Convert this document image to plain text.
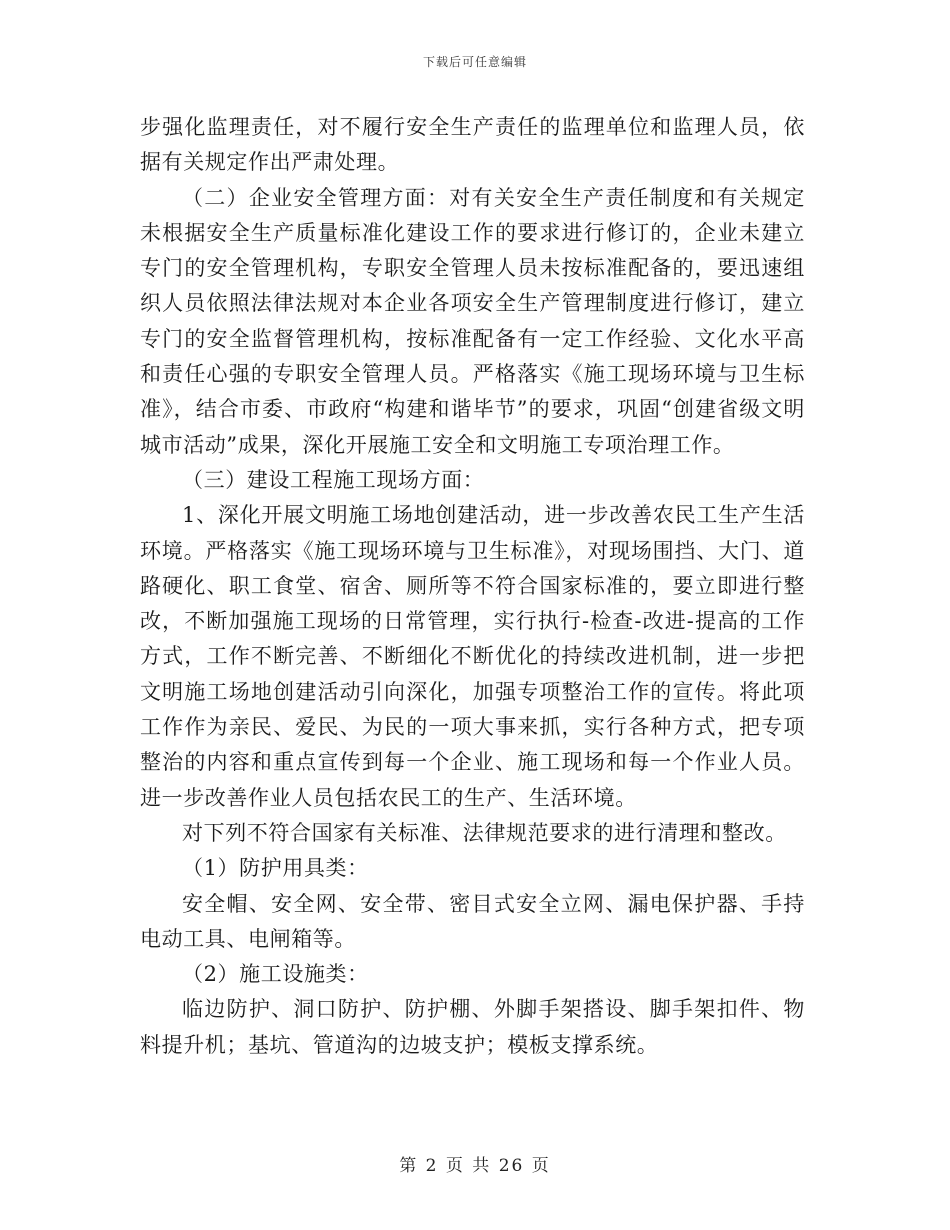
下载后可任意编辑

步强化监理责任，对不履行安全生产责任的监理单位和监理人员，依据有关规定作出严肃处理。

（二）企业安全管理方面：对有关安全生产责任制度和有关规定未根据安全生产质量标准化建设工作的要求进行修订的，企业未建立专门的安全管理机构，专职安全管理人员未按标准配备的，要迅速组织人员依照法律法规对本企业各项安全生产管理制度进行修订，建立专门的安全监督管理机构，按标准配备有一定工作经验、文化水平高和责任心强的专职安全管理人员。严格落实《施工现场环境与卫生标准》，结合市委、市政府“构建和谐毕节”的要求，巩固“创建省级文明城市活动”成果，深化开展施工安全和文明施工专项治理工作。

（三）建设工程施工现场方面：

1、深化开展文明施工场地创建活动，进一步改善农民工生产生活环境。严格落实《施工现场环境与卫生标准》，对现场围挡、大门、道路硬化、职工食堂、宿舍、厕所等不符合国家标准的，要立即进行整改，不断加强施工现场的日常管理，实行执行-检查-改进-提高的工作方式，工作不断完善、不断细化不断优化的持续改进机制，进一步把文明施工场地创建活动引向深化，加强专项整治工作的宣传。将此项工作作为亲民、爱民、为民的一项大事来抓，实行各种方式，把专项整治的内容和重点宣传到每一个企业、施工现场和每一个作业人员。进一步改善作业人员包括农民工的生产、生活环境。

对下列不符合国家有关标准、法律规范要求的进行清理和整改。

（1）防护用具类：

安全帽、安全网、安全带、密目式安全立网、漏电保护器、手持电动工具、电闸箱等。

（2）施工设施类：

临边防护、洞口防护、防护棚、外脚手架搭设、脚手架扣件、物料提升机；基坑、管道沟的边坡支护；模板支撑系统。

第 2 页 共 26 页
